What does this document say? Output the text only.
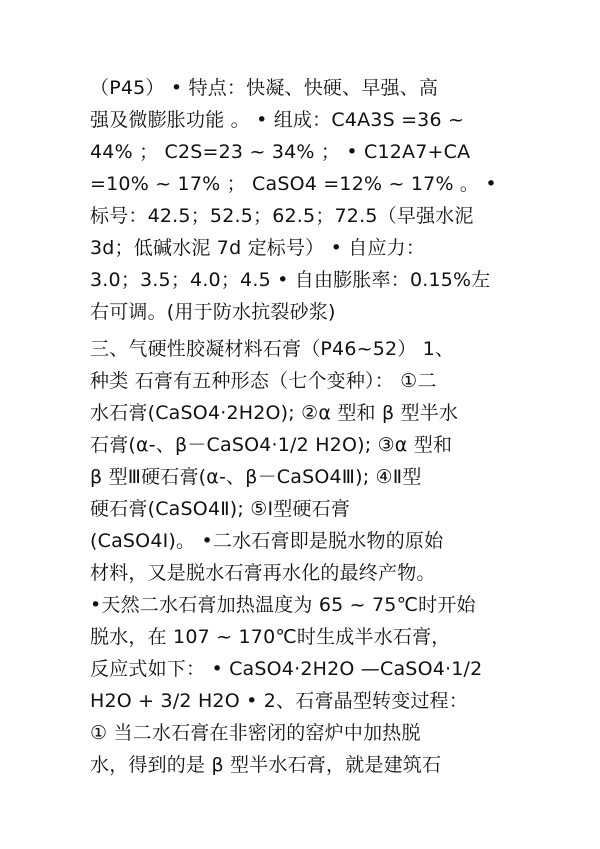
（P45） • 特点：快凝、快硬、早强、高
强及微膨胀功能 。 • 组成：C4A3S =36 ~
44% ； C2S=23 ~ 34% ； • C12A7+CA
=10% ~ 17% ； CaSO4 =12% ~ 17% 。 •
标号：42.5；52.5；62.5；72.5（早强水泥
3d；低碱水泥 7d 定标号） • 自应力：
3.0；3.5；4.0；4.5 • 自由膨胀率：0.15%左
右可调。(用于防水抗裂砂浆)
三、气硬性胶凝材料石膏（P46~52） 1、
种类 石膏有五种形态（七个变种）： ①二
水石膏(CaSO4·2H2O); ②α 型和 β 型半水
石膏(α-、β－CaSO4·1/2 H2O); ③α 型和
β 型Ⅲ硬石膏(α-、β－CaSO4Ⅲ); ④Ⅱ型
硬石膏(CaSO4Ⅱ); ⑤Ⅰ型硬石膏
(CaSO4Ⅰ)。 •二水石膏即是脱水物的原始
材料，又是脱水石膏再水化的最终产物。
•天然二水石膏加热温度为 65 ~ 75℃时开始
脱水，在 107 ~ 170℃时生成半水石膏，
反应式如下： • CaSO4·2H2O —CaSO4·1/2
H2O + 3/2 H2O • 2、石膏晶型转变过程：
① 当二水石膏在非密闭的窑炉中加热脱
水，得到的是 β 型半水石膏，就是建筑石
